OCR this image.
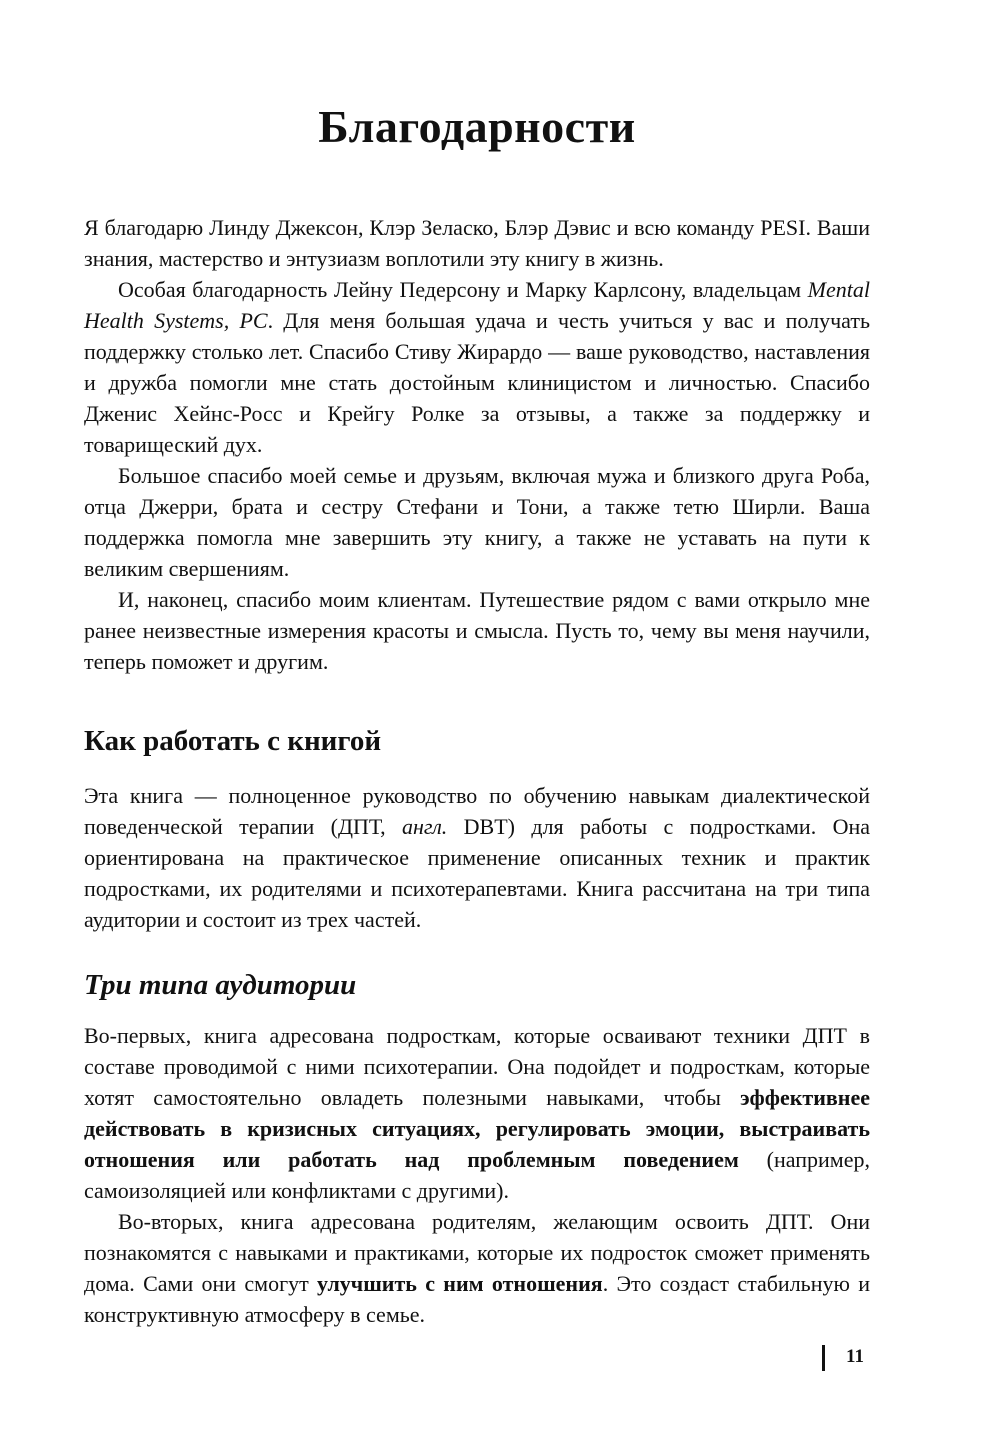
Благодарности

Я благодарю Линду Джексон, Клэр Зеласко, Блэр Дэвис и всю команду PESI. Ваши знания, мастерство и энтузиазм воплотили эту книгу в жизнь.

Особая благодарность Лейну Педерсону и Марку Карлсону, владельцам Mental Health Systems, PC. Для меня большая удача и честь учиться у вас и получать поддержку столько лет. Спасибо Стиву Жирардо — ваше руководство, наставления и дружба помогли мне стать достойным клиницистом и личностью. Спасибо Дженис Хейнс-Росс и Крейгу Ролке за отзывы, а также за поддержку и товарищеский дух.

Большое спасибо моей семье и друзьям, включая мужа и близкого друга Роба, отца Джерри, брата и сестру Стефани и Тони, а также тетю Ширли. Ваша поддержка помогла мне завершить эту книгу, а также не уставать на пути к великим свершениям.

И, наконец, спасибо моим клиентам. Путешествие рядом с вами открыло мне ранее неизвестные измерения красоты и смысла. Пусть то, чему вы меня научили, теперь поможет и другим.

Как работать с книгой

Эта книга — полноценное руководство по обучению навыкам диалектической поведенческой терапии (ДПТ, англ. DBT) для работы с подростками. Она ориентирована на практическое применение описанных техник и практик подростками, их родителями и психотерапевтами. Книга рассчитана на три типа аудитории и состоит из трех частей.

Три типа аудитории

Во-первых, книга адресована подросткам, которые осваивают техники ДПТ в составе проводимой с ними психотерапии. Она подойдет и подросткам, которые хотят самостоятельно овладеть полезными навыками, чтобы эффективнее действовать в кризисных ситуациях, регулировать эмоции, выстраивать отношения или работать над проблемным поведением (например, самоизоляцией или конфликтами с другими).

Во-вторых, книга адресована родителям, желающим освоить ДПТ. Они познакомятся с навыками и практиками, которые их подросток сможет применять дома. Сами они смогут улучшить с ним отношения. Это создаст стабильную и конструктивную атмосферу в семье.

11
